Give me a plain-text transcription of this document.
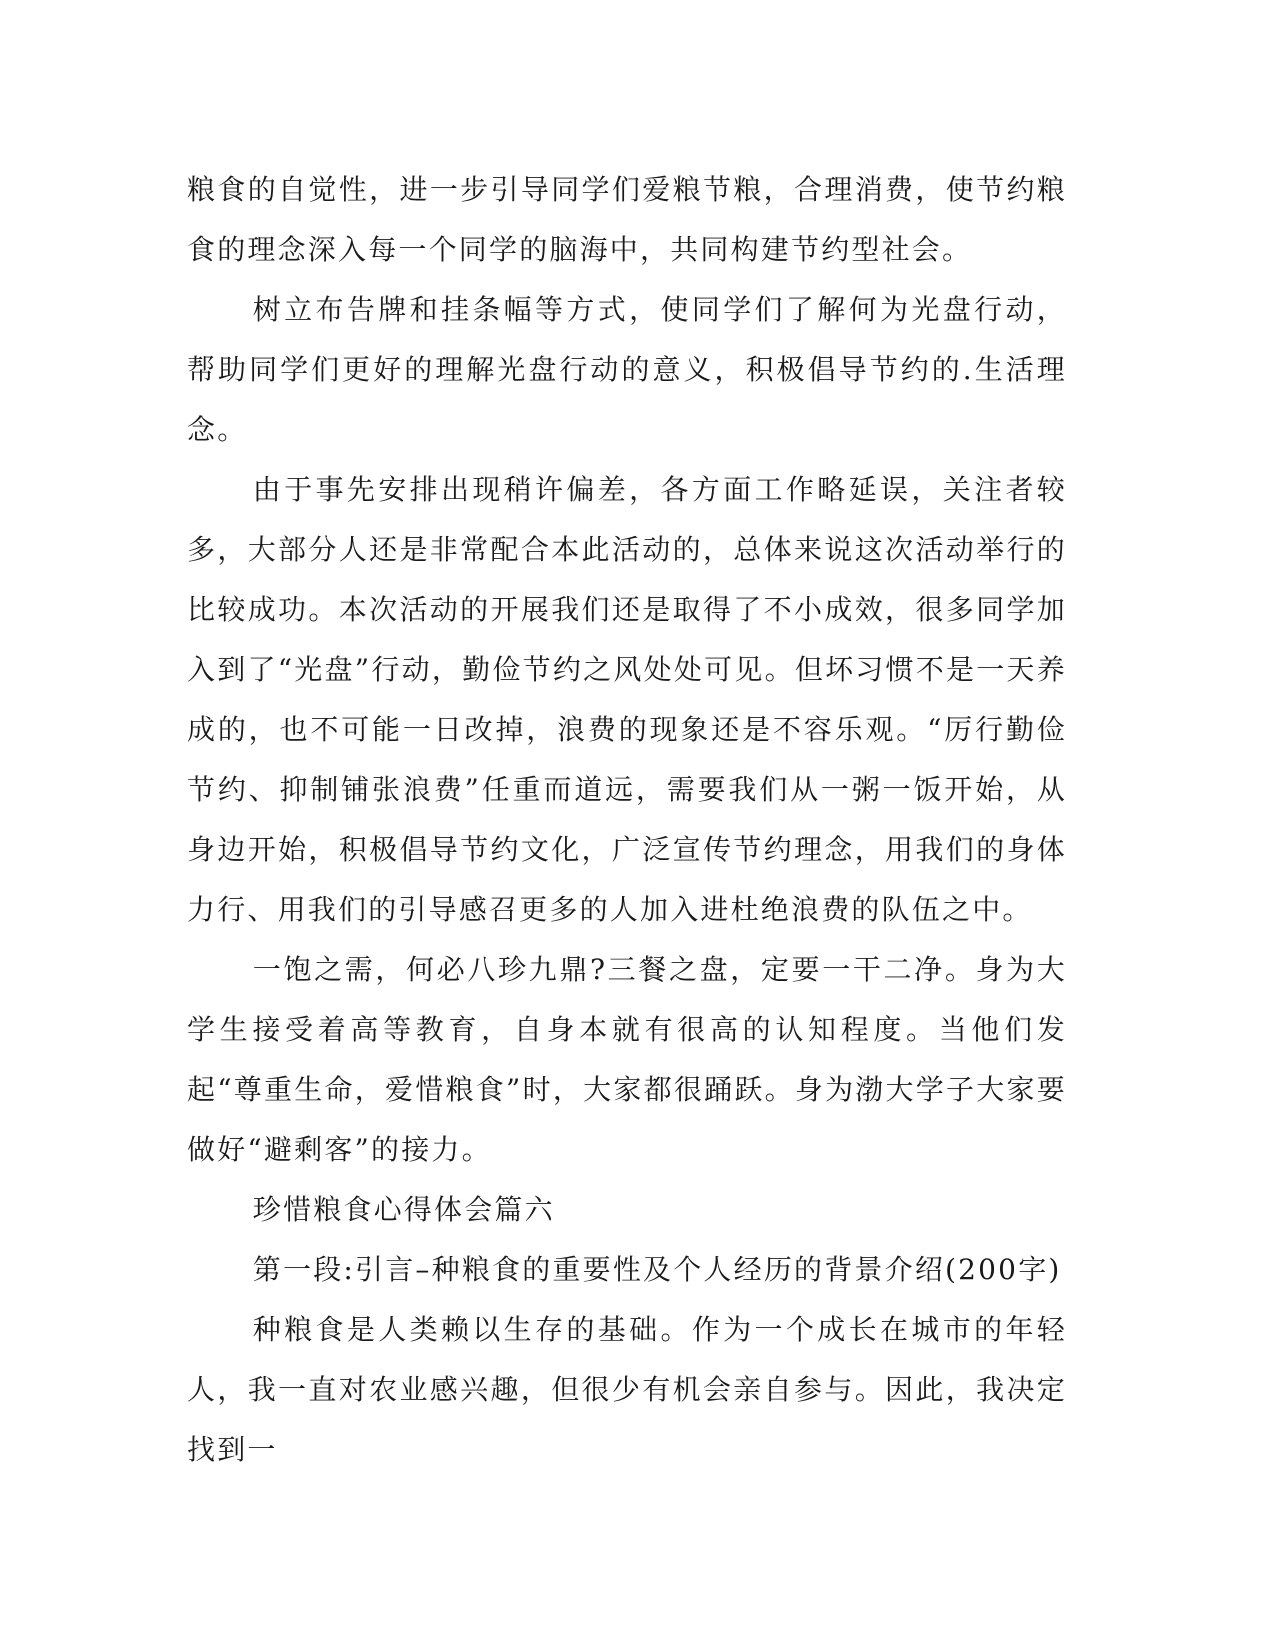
粮食的自觉性，进一步引导同学们爱粮节粮，合理消费，使节约粮食的理念深入每一个同学的脑海中，共同构建节约型社会。

树立布告牌和挂条幅等方式，使同学们了解何为光盘行动，帮助同学们更好的理解光盘行动的意义，积极倡导节约的.生活理念。

由于事先安排出现稍许偏差，各方面工作略延误，关注者较多，大部分人还是非常配合本此活动的，总体来说这次活动举行的比较成功。本次活动的开展我们还是取得了不小成效，很多同学加入到了“光盘”行动，勤俭节约之风处处可见。但坏习惯不是一天养成的，也不可能一日改掉，浪费的现象还是不容乐观。“厉行勤俭节约、抑制铺张浪费”任重而道远，需要我们从一粥一饭开始，从身边开始，积极倡导节约文化，广泛宣传节约理念，用我们的身体力行、用我们的引导感召更多的人加入进杜绝浪费的队伍之中。

一饱之需，何必八珍九鼎?三餐之盘，定要一干二净。身为大学生接受着高等教育，自身本就有很高的认知程度。当他们发起“尊重生命，爱惜粮食”时，大家都很踊跃。身为渤大学子大家要做好“避剩客”的接力。

珍惜粮食心得体会篇六

第一段:引言–种粮食的重要性及个人经历的背景介绍(200字)

种粮食是人类赖以生存的基础。作为一个成长在城市的年轻人，我一直对农业感兴趣，但很少有机会亲自参与。因此，我决定找到一
